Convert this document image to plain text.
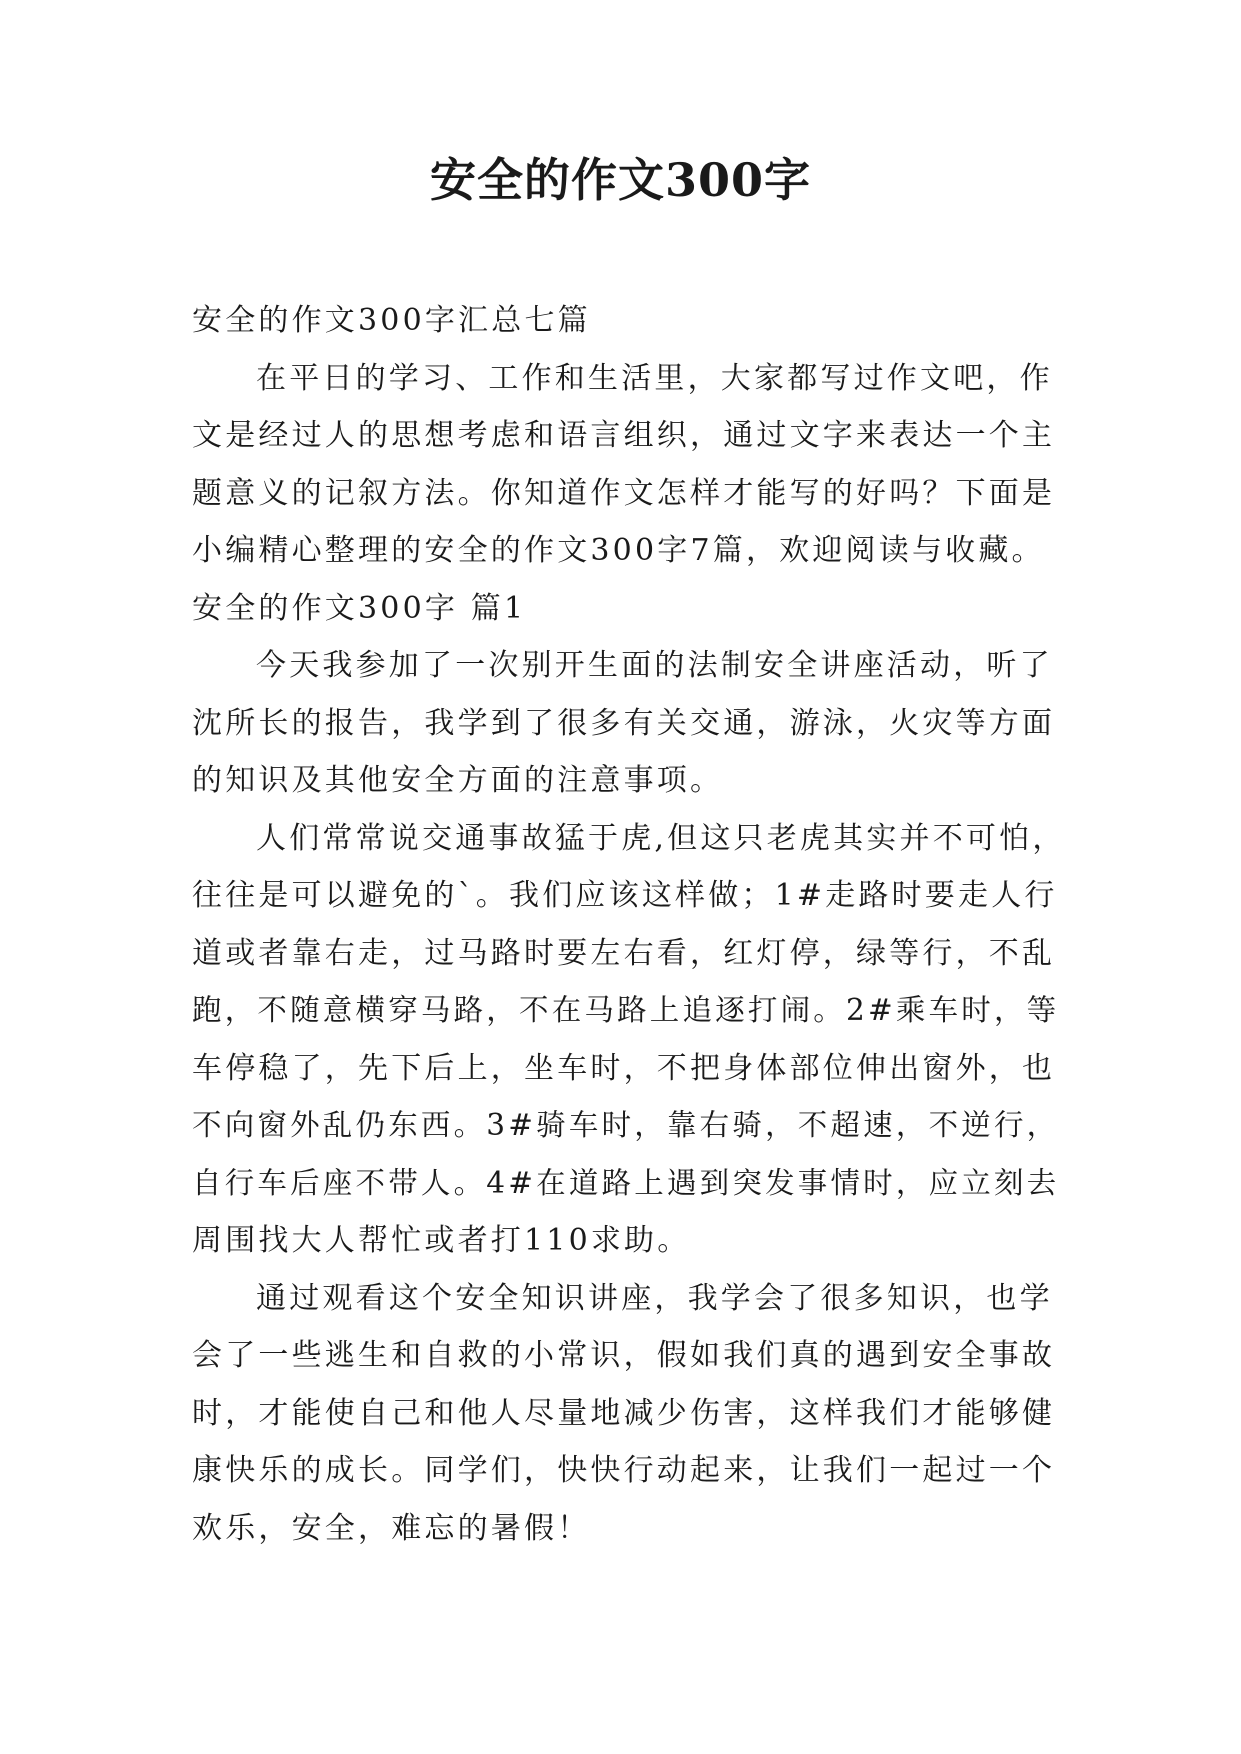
安全的作文300字

安全的作文300字汇总七篇

在平日的学习、工作和生活里，大家都写过作文吧，作

文是经过人的思想考虑和语言组织，通过文字来表达一个主

题意义的记叙方法。你知道作文怎样才能写的好吗？下面是

小编精心整理的安全的作文300字7篇，欢迎阅读与收藏。

安全的作文300字 篇1

今天我参加了一次别开生面的法制安全讲座活动，听了

沈所长的报告，我学到了很多有关交通，游泳，火灾等方面

的知识及其他安全方面的注意事项。

人们常常说交通事故猛于虎,但这只老虎其实并不可怕，

往往是可以避免的`。我们应该这样做；1#走路时要走人行

道或者靠右走，过马路时要左右看，红灯停，绿等行，不乱

跑，不随意横穿马路，不在马路上追逐打闹。2#乘车时，等

车停稳了，先下后上，坐车时，不把身体部位伸出窗外，也

不向窗外乱仍东西。3#骑车时，靠右骑，不超速，不逆行，

自行车后座不带人。4#在道路上遇到突发事情时，应立刻去

周围找大人帮忙或者打110求助。

通过观看这个安全知识讲座，我学会了很多知识，也学

会了一些逃生和自救的小常识，假如我们真的遇到安全事故

时，才能使自己和他人尽量地减少伤害，这样我们才能够健

康快乐的成长。同学们，快快行动起来，让我们一起过一个

欢乐，安全，难忘的暑假！
